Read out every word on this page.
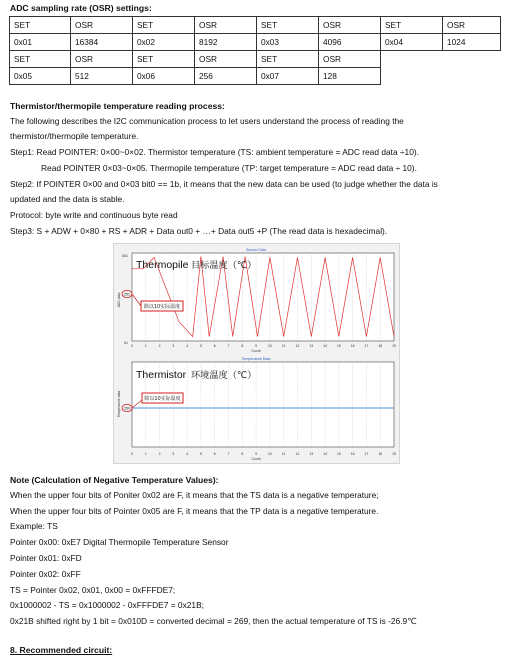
ADC sampling rate (OSR) settings:
SET	OSR	SET	OSR	SET	OSR	SET	OSR
0x01	16384	0x02	8192	0x03	4096	0x04	1024
SET	OSR	SET	OSR	SET	OSR		
0x05	512	0x06	256	0x07	128		
Thermistor/thermopile temperature reading process:
The following describes the I2C communication process to let users understand the process of reading the
thermistor/thermopile temperature.
Step1: Read POINTER: 0×00~0×02. Thermistor temperature (TS: ambient temperature = ADC read data ÷10).
Read POINTER 0×03~0×05. Thermopile temperature (TP: target temperature = ADC read data ÷ 10).
Step2: If POINTER 0×00 and 0×03 bit0 == 1b, it means that the new data can be used (to judge whether the data is
updated and the data is stable.
Protocol: byte write and continuous byte read
Step3: S + ADW + 0×80 + RS + ADR + Data out0 + …+ Data out5 +P (The read data is hexadecimal).
Sensor Data
551
51
ADC data
Thermopile 目标温度（℃）
除以10实际温度
251
0	1	2	3	4	5	6	7	8	9	10	11	12	13	14	15	16	17	18	19
Count
Temperature Data
Temperature data
Thermistor 环境温度（℃）
除以10实际温度
250
0	1	2	3	4	5	6	7	8	9	10	11	12	13	14	15	16	17	18	19
Count
Note (Calculation of Negative Temperature Values):
When the upper four bits of Poniter 0x02 are F, it means that the TS data is a negative temperature;
When the upper four bits of Pointer 0x05 are F, it means that the TP data is a negative temperature.
Example: TS
Pointer 0x00: 0xE7 Digital Thermopile Temperature Sensor
Pointer 0x01: 0xFD
Pointer 0x02: 0xFF
TS = Pointer 0x02, 0x01, 0x00 = 0xFFFDE7;
0x1000002 - TS = 0x1000002 - 0xFFFDE7 = 0x21B;
0x21B shifted right by 1 bit = 0x010D = converted decimal = 269, then the actual temperature of TS is -26.9℃
8. Recommended circuit:
